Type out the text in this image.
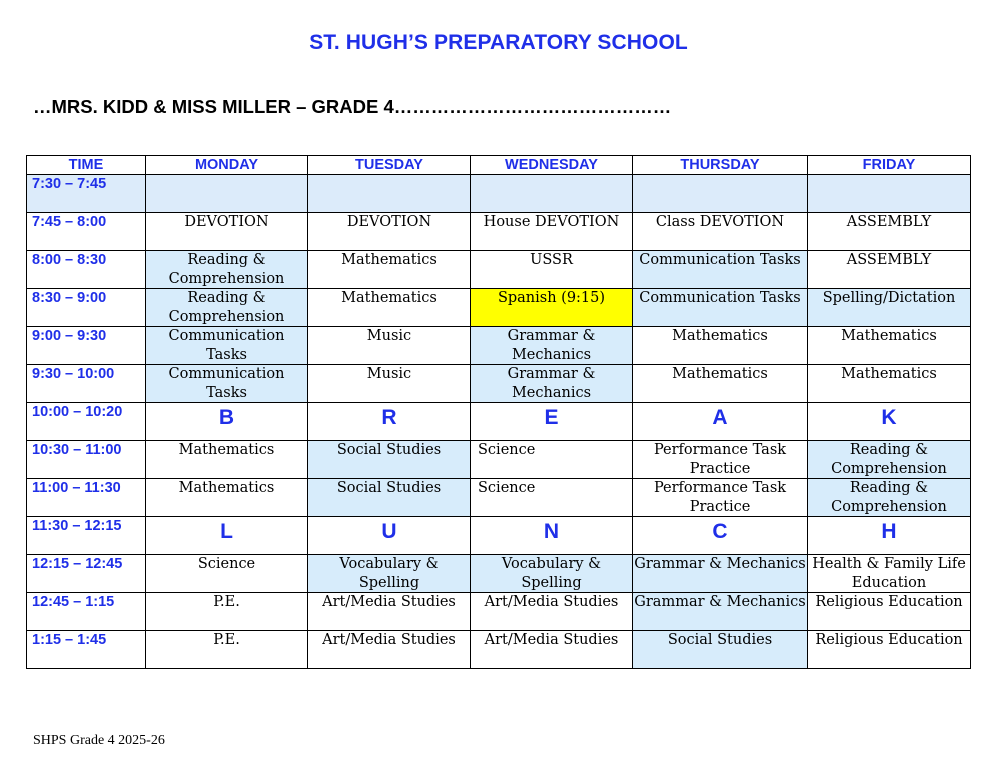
ST. HUGH’S PREPARATORY SCHOOL
…MRS. KIDD & MISS MILLER – GRADE 4………………………………………
TIME	MONDAY	TUESDAY	WEDNESDAY	THURSDAY	FRIDAY
7:30 – 7:45					
7:45 – 8:00	DEVOTION	DEVOTION	House DEVOTION	Class DEVOTION	ASSEMBLY
8:00 – 8:30	Reading & Comprehension	Mathematics	USSR	Communication Tasks	ASSEMBLY
8:30 – 9:00	Reading & Comprehension	Mathematics	Spanish (9:15)	Communication Tasks	Spelling/Dictation
9:00 – 9:30	Communication Tasks	Music	Grammar & Mechanics	Mathematics	Mathematics
9:30 – 10:00	Communication Tasks	Music	Grammar & Mechanics	Mathematics	Mathematics
10:00 – 10:20	B	R	E	A	K
10:30 – 11:00	Mathematics	Social Studies	Science	Performance Task Practice	Reading & Comprehension
11:00 – 11:30	Mathematics	Social Studies	Science	Performance Task Practice	Reading & Comprehension
11:30 – 12:15	L	U	N	C	H
12:15 – 12:45	Science	Vocabulary & Spelling	Vocabulary & Spelling	Grammar & Mechanics	Health & Family Life Education
12:45 – 1:15	P.E.	Art/Media Studies	Art/Media Studies	Grammar & Mechanics	Religious Education
1:15 – 1:45	P.E.	Art/Media Studies	Art/Media Studies	Social Studies	Religious Education
SHPS Grade 4 2025-26
